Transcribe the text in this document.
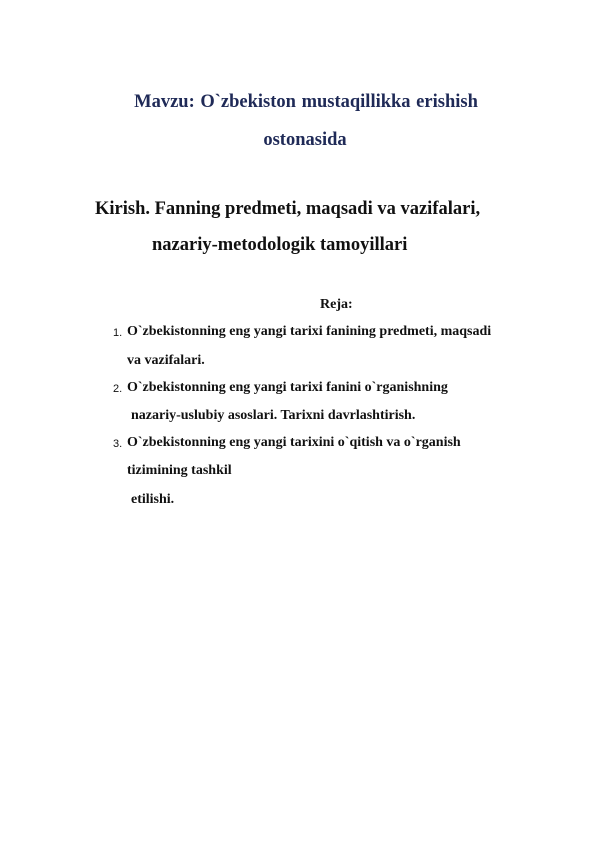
Mavzu: O`zbekiston mustaqillikka erishish
ostonasida
Kirish. Fanning predmeti, maqsadi va vazifalari,
nazariy-metodologik tamoyillari
Reja:
1. O`zbekistonning eng yangi tarixi fanining predmeti, maqsadi
va vazifalari.
2. O`zbekistonning eng yangi tarixi fanini o`rganishning
nazariy-uslubiy asoslari. Tarixni davrlashtirish.
3. O`zbekistonning eng yangi tarixini o`qitish va o`rganish
tizimining tashkil
etilishi.
